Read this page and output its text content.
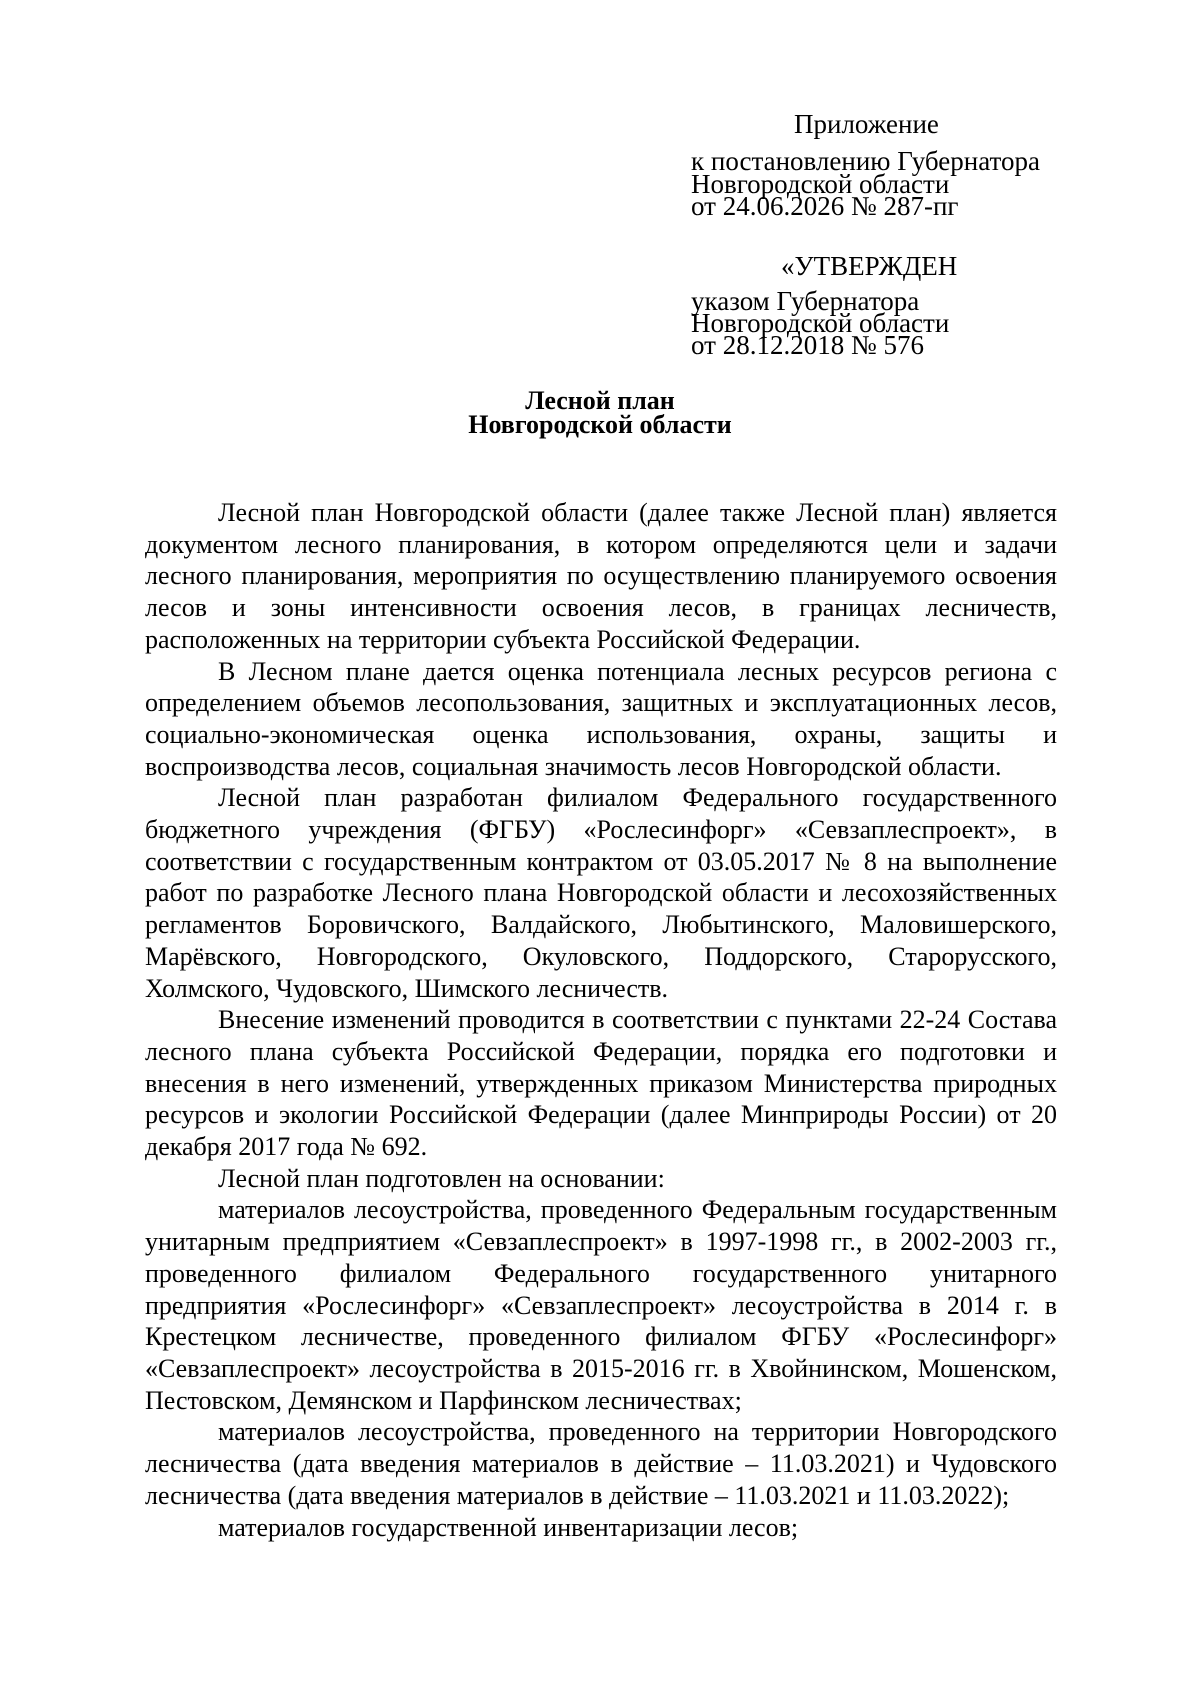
Приложение
к постановлению Губернатора
Новгородской области
от 24.06.2026 № 287-пг
«УТВЕРЖДЕН
указом Губернатора
Новгородской области
от 28.12.2018 № 576
Лесной план
Новгородской области

Лесной план Новгородской области (далее также Лесной план) является документом лесного планирования, в котором определяются цели и задачи лесного планирования, мероприятия по осуществлению планируемого освоения лесов и зоны интенсивности освоения лесов, в границах лесничеств, расположенных на территории субъекта Российской Федерации.

В Лесном плане дается оценка потенциала лесных ресурсов региона с определением объемов лесопользования, защитных и эксплуатационных лесов, социально-экономическая оценка использования, охраны, защиты и воспроизводства лесов, социальная значимость лесов Новгородской области.

Лесной план разработан филиалом Федерального государственного бюджетного учреждения (ФГБУ) «Рослесинфорг» «Севзаплеспроект», в соответствии с государственным контрактом от 03.05.2017 № 8 на выполнение работ по разработке Лесного плана Новгородской области и лесохозяйственных регламентов Боровичского, Валдайского, Любытинского, Маловишерского, Марёвского, Новгородского, Окуловского, Поддорского, Старорусского, Холмского, Чудовского, Шимского лесничеств.

Внесение изменений проводится в соответствии с пунктами 22-24 Состава лесного плана субъекта Российской Федерации, порядка его подготовки и внесения в него изменений, утвержденных приказом Министерства природных ресурсов и экологии Российской Федерации (далее Минприроды России) от 20 декабря 2017 года № 692.

Лесной план подготовлен на основании:

материалов лесоустройства, проведенного Федеральным государственным унитарным предприятием «Севзаплеспроект» в 1997-1998 гг., в 2002-2003 гг., проведенного филиалом Федерального государственного унитарного предприятия «Рослесинфорг» «Севзаплеспроект» лесоустройства в 2014 г. в Крестецком лесничестве, проведенного филиалом ФГБУ «Рослесинфорг» «Севзаплеспроект» лесоустройства в 2015-2016 гг. в Хвойнинском, Мошенском, Пестовском, Демянском и Парфинском лесничествах;

материалов лесоустройства, проведенного на территории Новгородского лесничества (дата введения материалов в действие – 11.03.2021) и Чудовского лесничества (дата введения материалов в действие – 11.03.2021 и 11.03.2022);

материалов государственной инвентаризации лесов;
